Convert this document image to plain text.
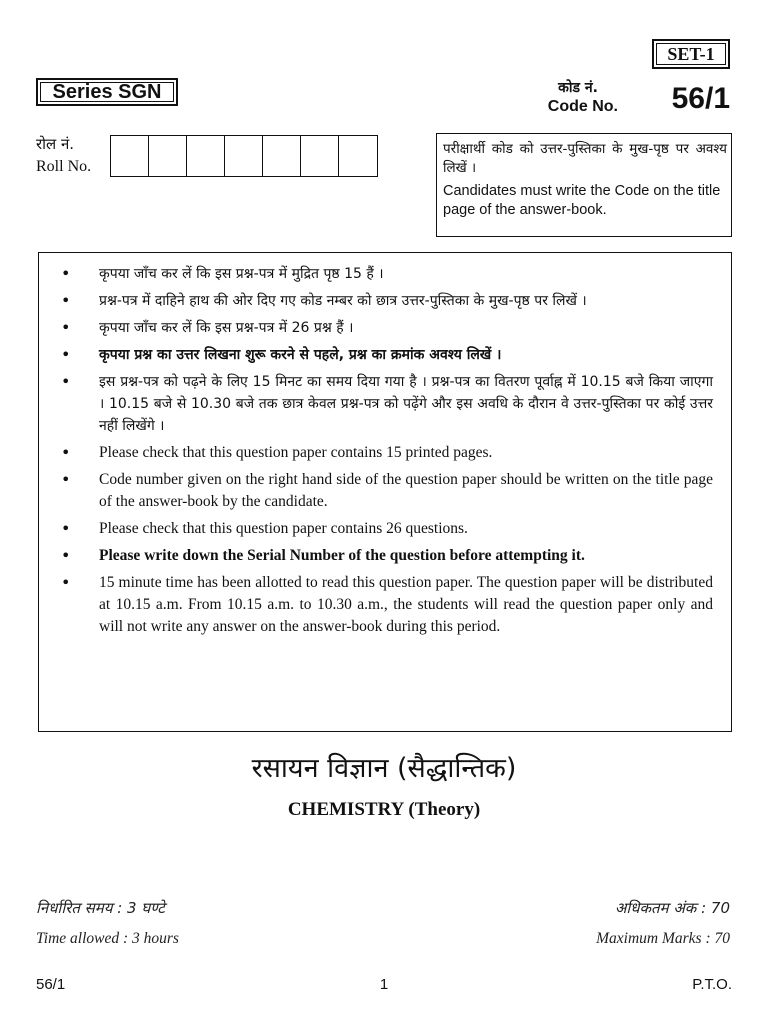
SET-1
Series SGN	कोड नं.
Code No. 56/1
रोल नं.
Roll No.

परीक्षार्थी कोड को उत्तर-पुस्तिका के मुख-पृष्ठ पर अवश्य लिखें ।

Candidates must write the Code on the title page of the answer-book.

•	कृपया जाँच कर लें कि इस प्रश्न-पत्र में मुद्रित पृष्ठ 15 हैं ।
•	प्रश्न-पत्र में दाहिने हाथ की ओर दिए गए कोड नम्बर को छात्र उत्तर-पुस्तिका के मुख-पृष्ठ पर लिखें ।
•	कृपया जाँच कर लें कि इस प्रश्न-पत्र में 26 प्रश्न हैं ।
•	कृपया प्रश्न का उत्तर लिखना शुरू करने से पहले, प्रश्न का क्रमांक अवश्य लिखें ।
•	इस प्रश्न-पत्र को पढ़ने के लिए 15 मिनट का समय दिया गया है । प्रश्न-पत्र का वितरण पूर्वाह्न में 10.15 बजे किया जाएगा । 10.15 बजे से 10.30 बजे तक छात्र केवल प्रश्न-पत्र को पढ़ेंगे और इस अवधि के दौरान वे उत्तर-पुस्तिका पर कोई उत्तर नहीं लिखेंगे ।
•	Please check that this question paper contains 15 printed pages.
•	Code number given on the right hand side of the question paper should be written on the title page of the answer-book by the candidate.
•	Please check that this question paper contains 26 questions.
•	Please write down the Serial Number of the question before attempting it.
•	15 minute time has been allotted to read this question paper. The question paper will be distributed at 10.15 a.m. From 10.15 a.m. to 10.30 a.m., the students will read the question paper only and will not write any answer on the answer-book during this period.
रसायन विज्ञान (सैद्धान्तिक)
CHEMISTRY (Theory)
निर्धारित समय : 3 घण्टे
Time allowed : 3 hours
अधिकतम अंक : 70
Maximum Marks : 70
56/1	1	P.T.O.
